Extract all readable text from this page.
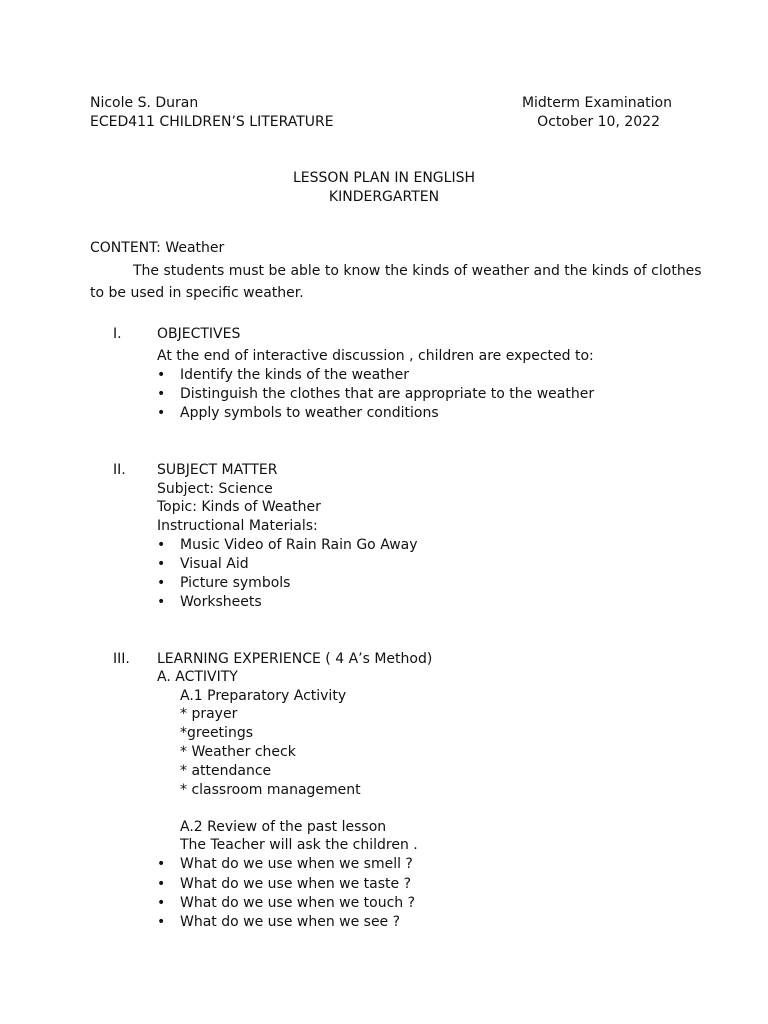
Nicole S. Duran
ECED411 CHILDREN’S LITERATURE
Midterm Examination
October 10, 2022
LESSON PLAN IN ENGLISH
KINDERGARTEN
CONTENT: Weather
The students must be able to know the kinds of weather and the kinds of clothes
to be used in specific weather.
I.	OBJECTIVES
At the end of interactive discussion , children are expected to:
• Identify the kinds of the weather
• Distinguish the clothes that are appropriate to the weather
• Apply symbols to weather conditions
II.	SUBJECT MATTER
Subject: Science
Topic: Kinds of Weather
Instructional Materials:
• Music Video of Rain Rain Go Away
• Visual Aid
• Picture symbols
• Worksheets
III.	LEARNING EXPERIENCE ( 4 A’s Method)
A. ACTIVITY
A.1 Preparatory Activity
* prayer
*greetings
* Weather check
* attendance
* classroom management
A.2 Review of the past lesson
The Teacher will ask the children .
• What do we use when we smell ?
• What do we use when we taste ?
• What do we use when we touch ?
• What do we use when we see ?
